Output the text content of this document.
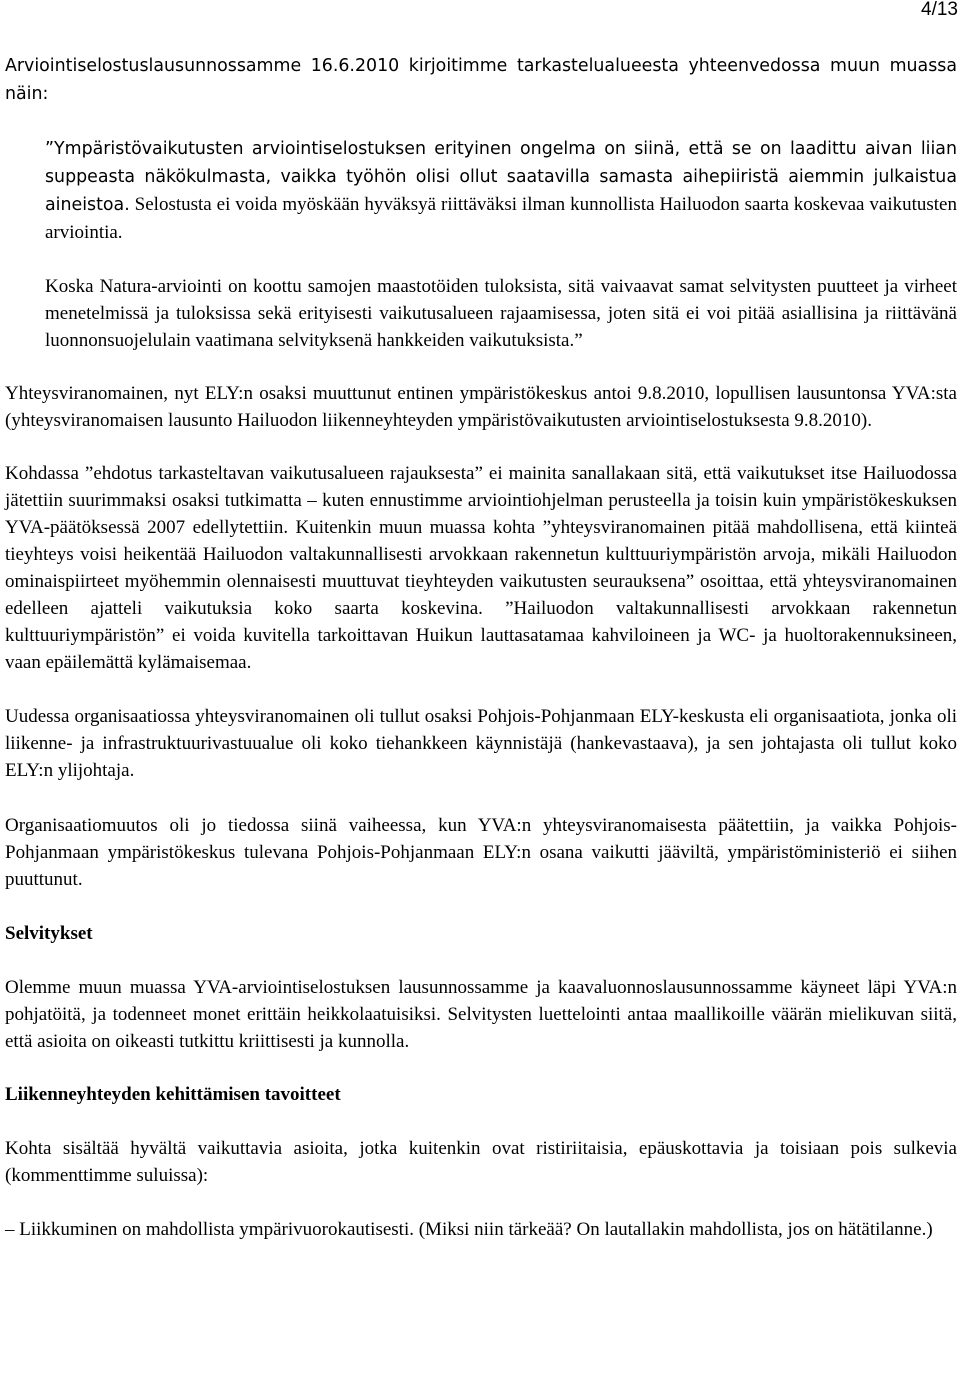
4/13

Arviointiselostuslausunnossamme 16.6.2010 kirjoitimme tarkastelualueesta yhteenvedossa muun muassa näin:

”Ympäristövaikutusten arviointiselostuksen erityinen ongelma on siinä, että se on laadittu aivan liian suppeasta näkökulmasta, vaikka työhön olisi ollut saatavilla samasta aihepiiristä aiemmin julkaistua aineistoa. Selostusta ei voida myöskään hyväksyä riittäväksi ilman kunnollista Hailuodon saarta koskevaa vaikutusten arviointia.

Koska Natura-arviointi on koottu samojen maastotöiden tuloksista, sitä vaivaavat samat selvitysten puutteet ja virheet menetelmissä ja tuloksissa sekä erityisesti vaikutusalueen rajaamisessa, joten sitä ei voi pitää asiallisina ja riittävänä luonnonsuojelulain vaatimana selvityksenä hankkeiden vaikutuksista.”

Yhteysviranomainen, nyt ELY:n osaksi muuttunut entinen ympäristökeskus antoi 9.8.2010, lopullisen lausuntonsa YVA:sta (yhteysviranomaisen lausunto Hailuodon liikenneyhteyden ympäristövaikutusten arviointiselostuksesta 9.8.2010).

Kohdassa ”ehdotus tarkasteltavan vaikutusalueen rajauksesta” ei mainita sanallakaan sitä, että vaikutukset itse Hailuodossa jätettiin suurimmaksi osaksi tutkimatta – kuten ennustimme arviointiohjelman perusteella ja toisin kuin ympäristökeskuksen YVA-päätöksessä 2007 edellytettiin. Kuitenkin muun muassa kohta ”yhteysviranomainen pitää mahdollisena, että kiinteä tieyhteys voisi heikentää Hailuodon valtakunnallisesti arvokkaan rakennetun kulttuuriympäristön arvoja, mikäli Hailuodon ominaispiirteet myöhemmin olennaisesti muuttuvat tieyhteyden vaikutusten seurauksena” osoittaa, että yhteysviranomainen edelleen ajatteli vaikutuksia koko saarta koskevina. ”Hailuodon valtakunnallisesti arvokkaan rakennetun kulttuuriympäristön” ei voida kuvitella tarkoittavan Huikun lauttasatamaa kahviloineen ja WC- ja huoltorakennuksineen, vaan epäilemättä kylämaisemaa.

Uudessa organisaatiossa yhteysviranomainen oli tullut osaksi Pohjois-Pohjanmaan ELY-keskusta eli organisaatiota, jonka oli liikenne- ja infrastruktuurivastuualue oli koko tiehankkeen käynnistäjä (hankevastaava), ja sen johtajasta oli tullut koko ELY:n ylijohtaja.

Organisaatiomuutos oli jo tiedossa siinä vaiheessa, kun YVA:n yhteysviranomaisesta päätettiin, ja vaikka Pohjois-Pohjanmaan ympäristökeskus tulevana Pohjois-Pohjanmaan ELY:n osana vaikutti jääviltä, ympäristöministeriö ei siihen puuttunut.

Selvitykset

Olemme muun muassa YVA-arviointiselostuksen lausunnossamme ja kaavaluonnoslausunnossamme käyneet läpi YVA:n pohjatöitä, ja todenneet monet erittäin heikkolaatuisiksi. Selvitysten luettelointi antaa maallikoille väärän mielikuvan siitä, että asioita on oikeasti tutkittu kriittisesti ja kunnolla.

Liikenneyhteyden kehittämisen tavoitteet

Kohta sisältää hyvältä vaikuttavia asioita, jotka kuitenkin ovat ristiriitaisia, epäuskottavia ja toisiaan pois sulkevia (kommenttimme suluissa):

– Liikkuminen on mahdollista ympärivuorokautisesti. (Miksi niin tärkeää? On lautallakin mahdollista, jos on hätätilanne.)
